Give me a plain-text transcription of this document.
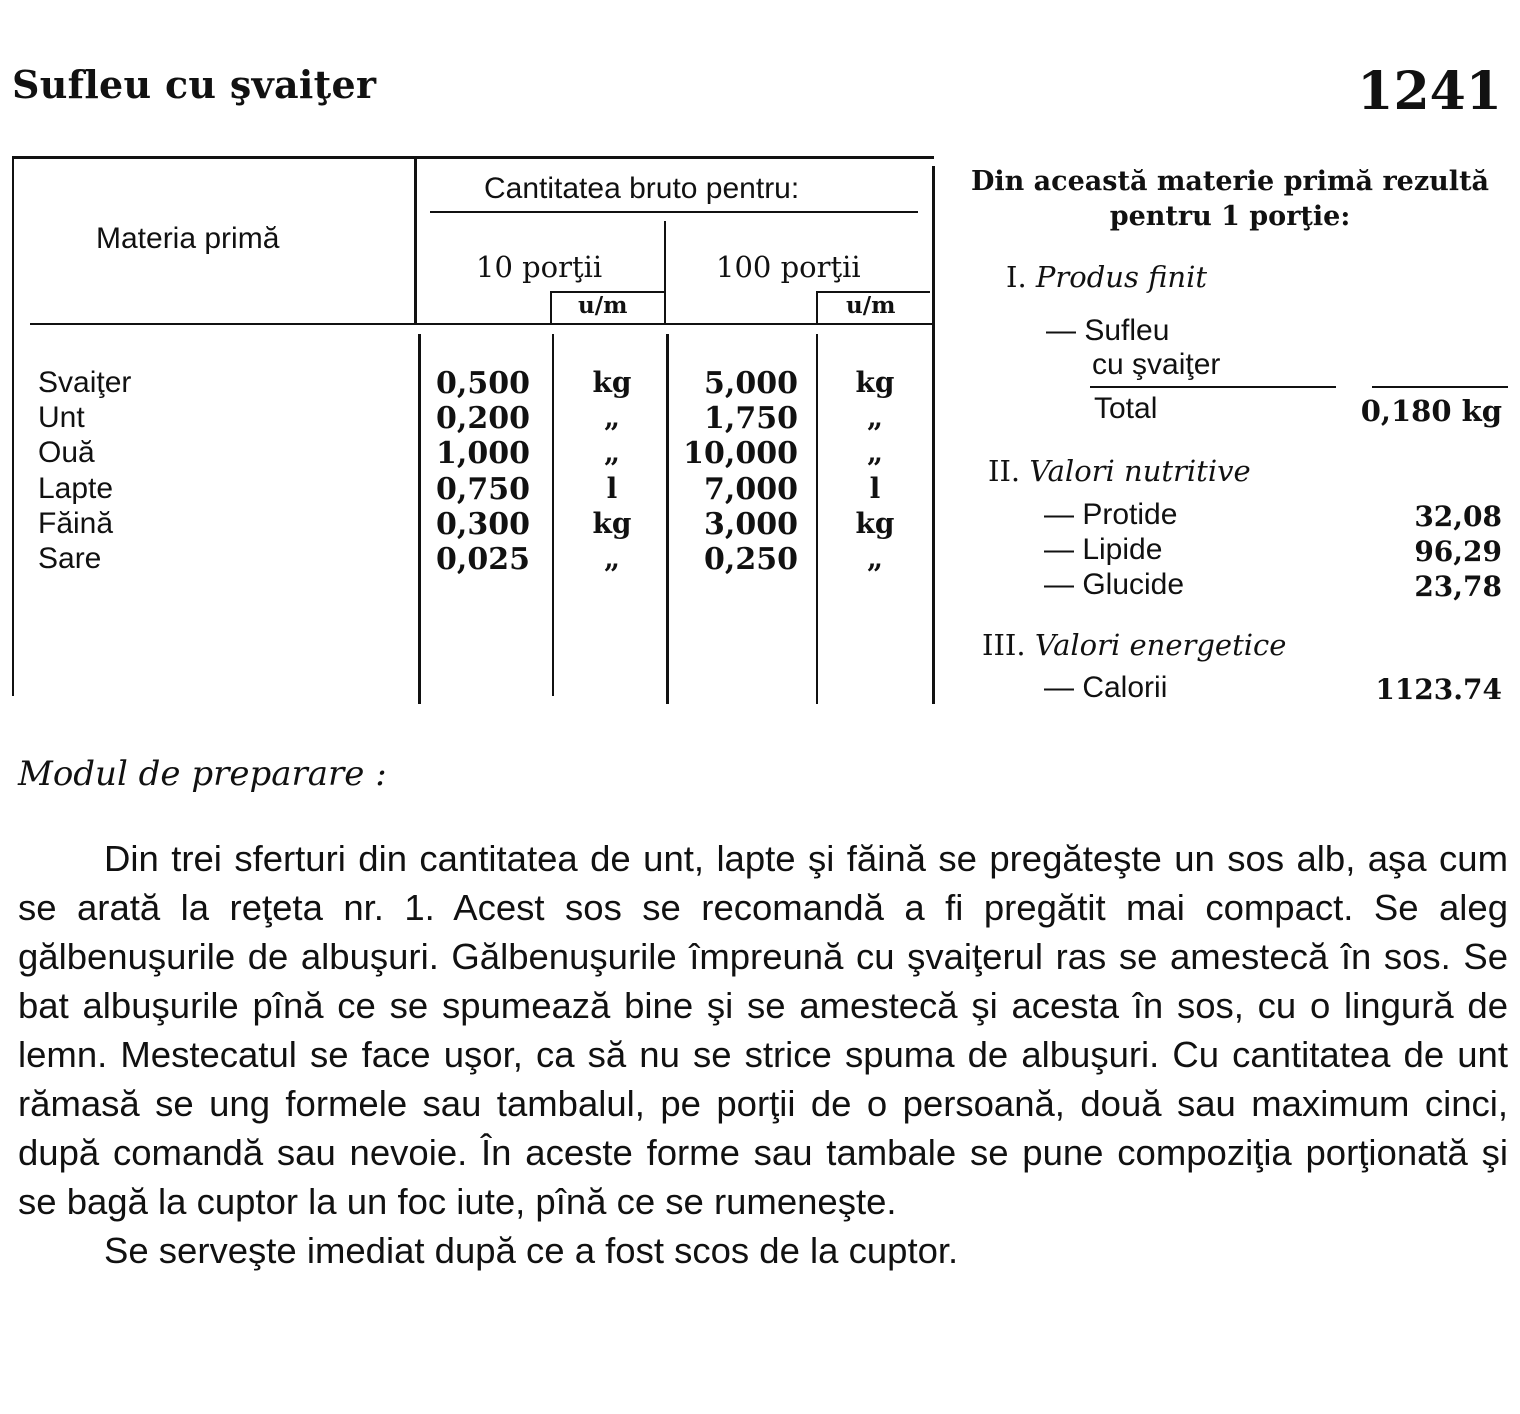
Sufleu cu şvaiţer	1241
Materia primă
Cantitatea bruto pentru:
10 porţii	100 porţii
u/m	u/m
Svaiţer	0,500	kg	5,000	kg
Unt	0,200	„	1,750	„
Ouă	1,000	„	10,000	„
Lapte	0,750	l	7,000	l
Făină	0,300	kg	3,000	kg
Sare	0,025	„	0,250	„
Din această materie primă rezultă pentru 1 porţie:
I. Produs finit
— Sufleu
cu şvaiţer
Total	0,180 kg
II. Valori nutritive
— Protide	32,08
— Lipide	96,29
— Glucide	23,78
III. Valori energetice
— Calorii	1123.74
Modul de preparare :

Din trei sferturi din cantitatea de unt, lapte şi făină se pregăteşte un sos alb, aşa cum se arată la reţeta nr. 1. Acest sos se recomandă a fi pregătit mai compact. Se aleg gălbenuşurile de albuşuri. Gălbenuşurile împreună cu şvaiţerul ras se amestecă în sos. Se bat albuşurile pînă ce se spumează bine şi se amestecă şi acesta în sos, cu o lingură de lemn. Mestecatul se face uşor, ca să nu se strice spuma de albuşuri. Cu cantitatea de unt rămasă se ung formele sau tambalul, pe porţii de o persoană, două sau maximum cinci, după comandă sau nevoie. În aceste forme sau tambale se pune compoziţia porţionată şi se bagă la cuptor la un foc iute, pînă ce se rumeneşte.

Se serveşte imediat după ce a fost scos de la cuptor.
